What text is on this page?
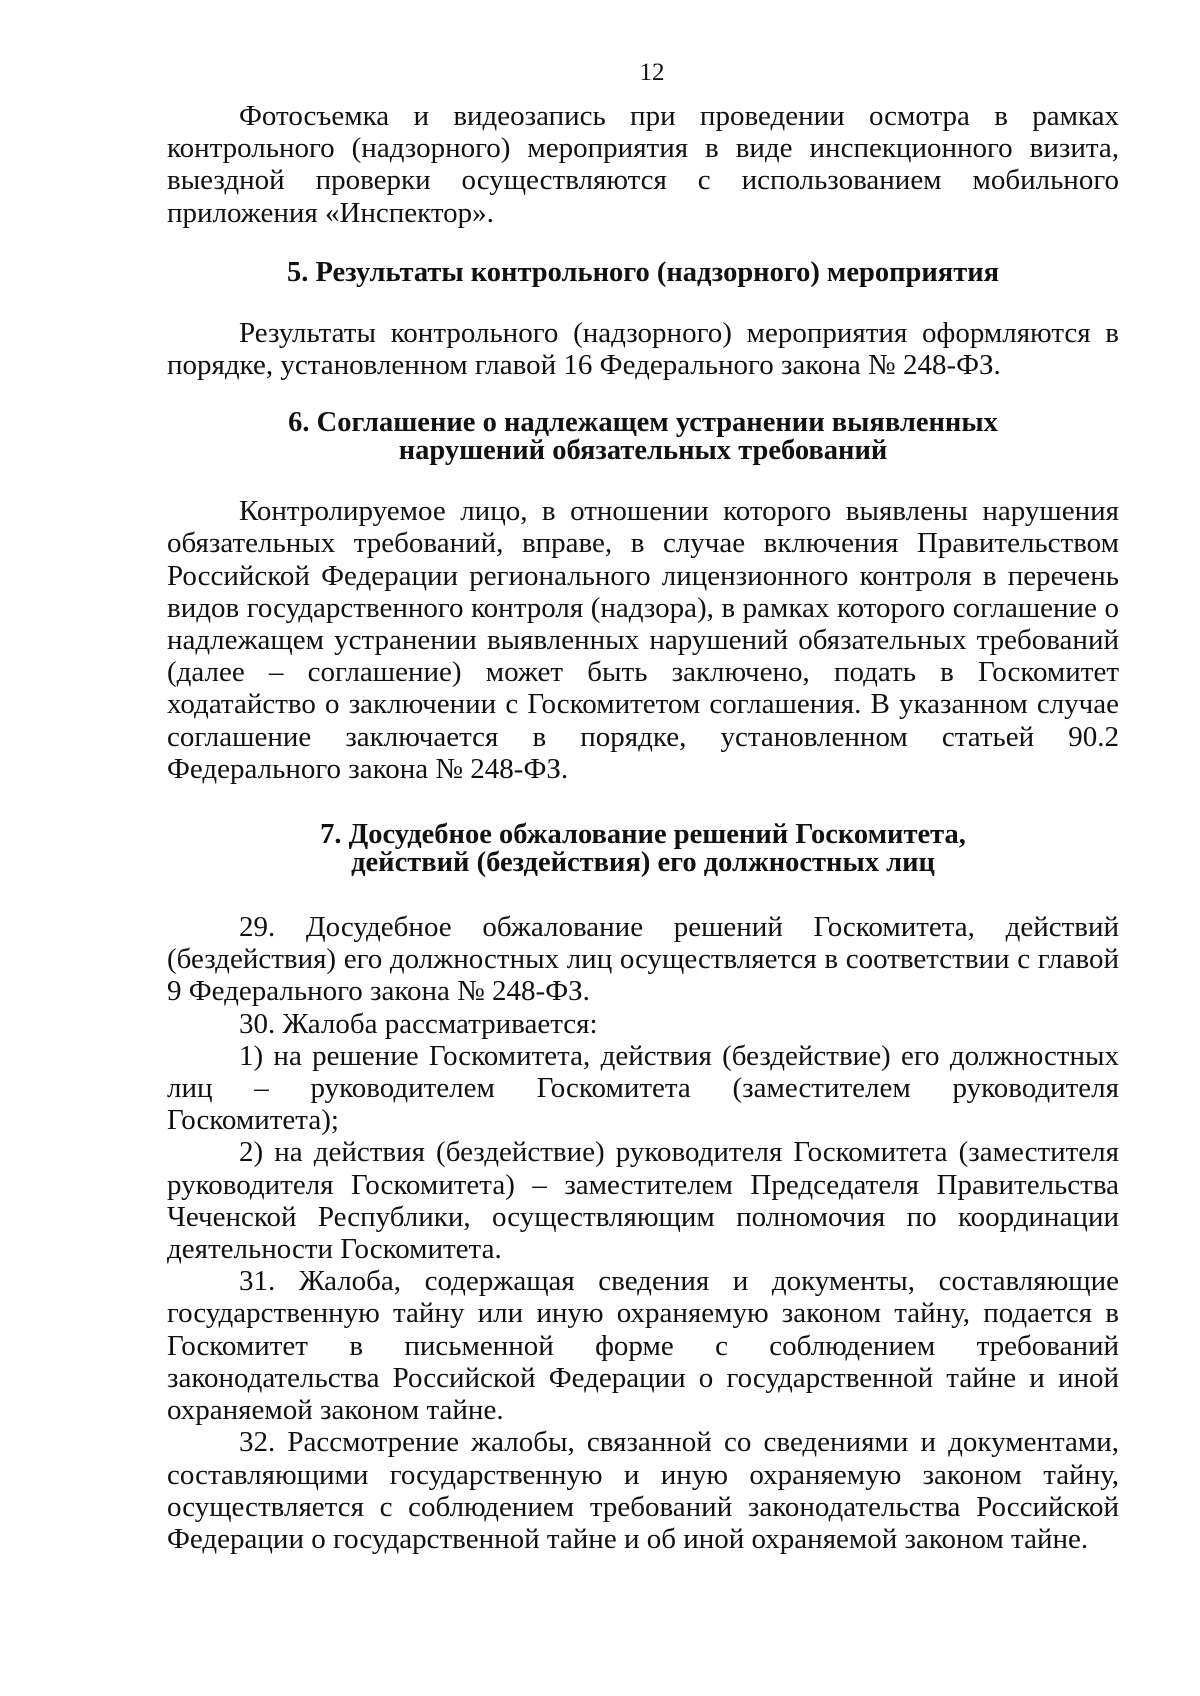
12

Фотосъемка и видеозапись при проведении осмотра в рамках контрольного (надзорного) мероприятия в виде инспекционного визита, выездной проверки осуществляются с использованием мобильного приложения «Инспектор».

5. Результаты контрольного (надзорного) мероприятия

Результаты контрольного (надзорного) мероприятия оформляются в порядке, установленном главой 16 Федерального закона № 248-ФЗ.

6. Соглашение о надлежащем устранении выявленных
нарушений обязательных требований

Контролируемое лицо, в отношении которого выявлены нарушения обязательных требований, вправе, в случае включения Правительством Российской Федерации регионального лицензионного контроля в перечень видов государственного контроля (надзора), в рамках которого соглашение о надлежащем устранении выявленных нарушений обязательных требований (далее – соглашение) может быть заключено, подать в Госкомитет ходатайство о заключении с Госкомитетом соглашения. В указанном случае соглашение заключается в порядке, установленном статьей 90.2 Федерального закона № 248-ФЗ.

7. Досудебное обжалование решений Госкомитета,
действий (бездействия) его должностных лиц

29. Досудебное обжалование решений Госкомитета, действий (бездействия) его должностных лиц осуществляется в соответствии с главой 9 Федерального закона № 248-ФЗ.

30. Жалоба рассматривается:

1) на решение Госкомитета, действия (бездействие) его должностных лиц – руководителем Госкомитета (заместителем руководителя Госкомитета);

2) на действия (бездействие) руководителя Госкомитета (заместителя руководителя Госкомитета) – заместителем Председателя Правительства Чеченской Республики, осуществляющим полномочия по координации деятельности Госкомитета.

31. Жалоба, содержащая сведения и документы, составляющие государственную тайну или иную охраняемую законом тайну, подается в Госкомитет в письменной форме с соблюдением требований законодательства Российской Федерации о государственной тайне и иной охраняемой законом тайне.

32. Рассмотрение жалобы, связанной со сведениями и документами, составляющими государственную и иную охраняемую законом тайну, осуществляется с соблюдением требований законодательства Российской Федерации о государственной тайне и об иной охраняемой законом тайне.
